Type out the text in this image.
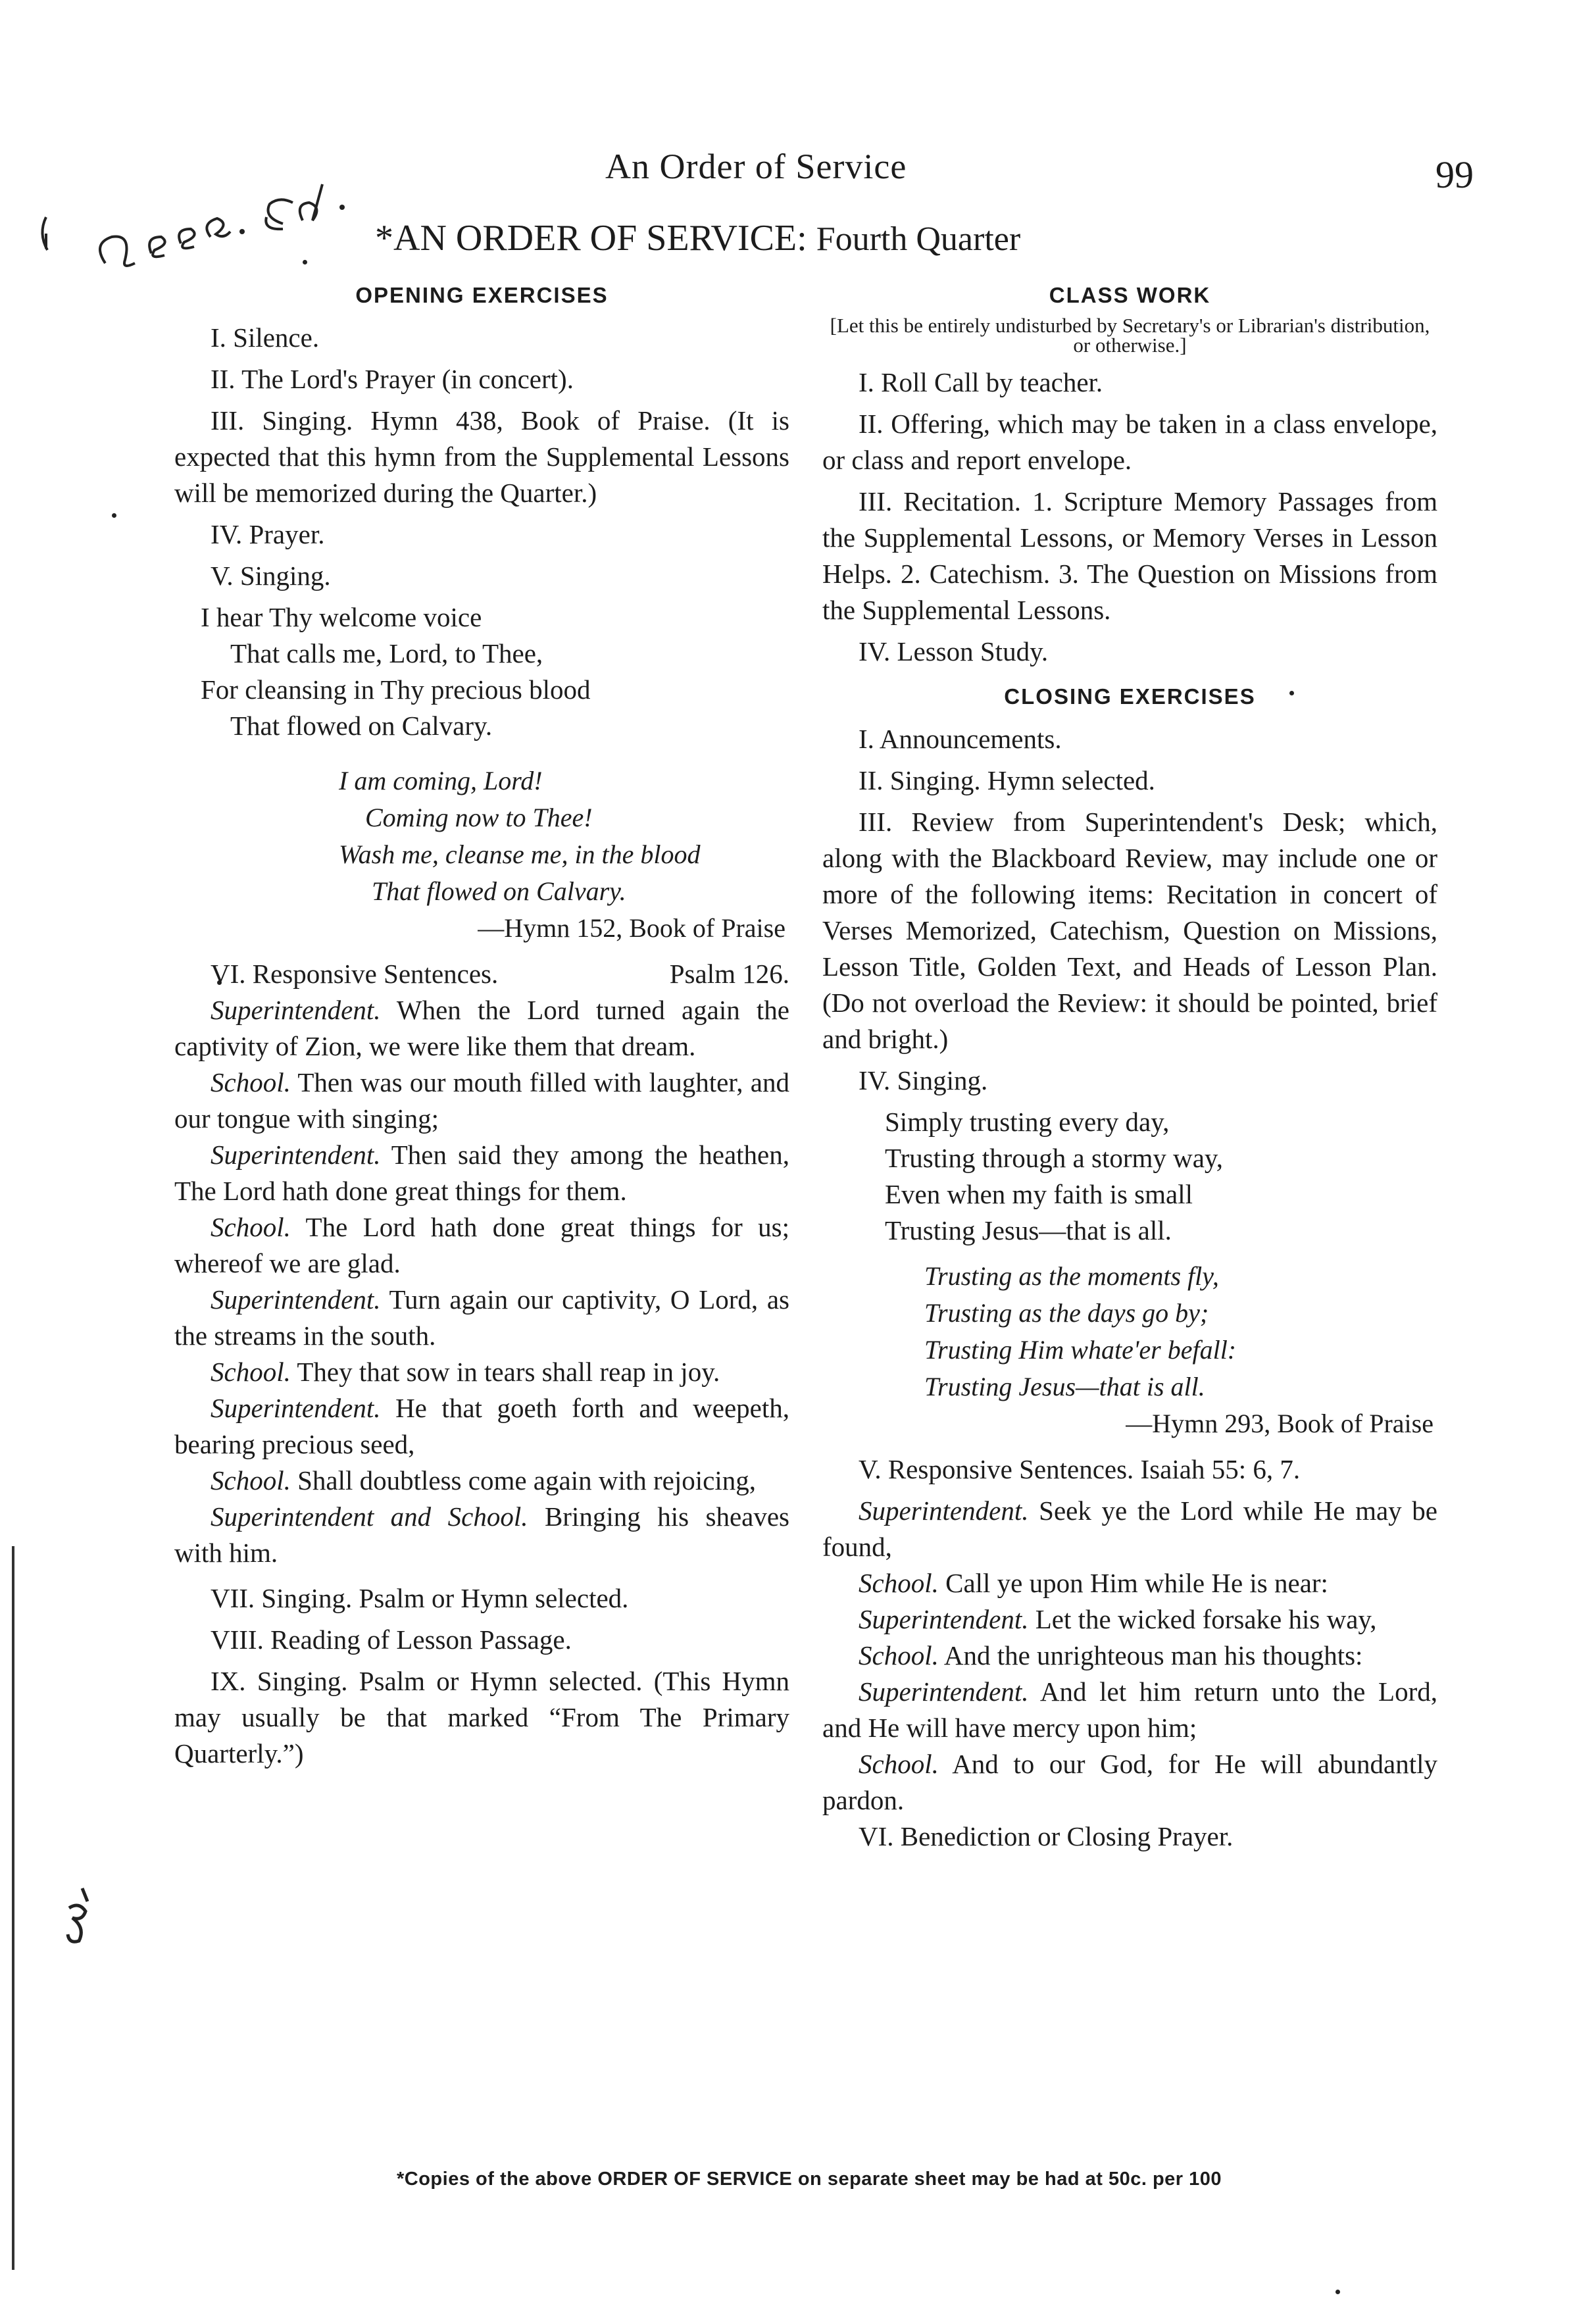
An Order of Service	99
*AN ORDER OF SERVICE: Fourth Quarter
OPENING EXERCISES

I. Silence.

II. The Lord's Prayer (in concert).

III. Singing. Hymn 438, Book of Praise. (It is expected that this hymn from the Supplemental Lessons will be memorized during the Quarter.)

IV. Prayer.

V. Singing.

I hear Thy welcome voice
That calls me, Lord, to Thee,
For cleansing in Thy precious blood
That flowed on Calvary.
I am coming, Lord!
Coming now to Thee!
Wash me, cleanse me, in the blood
That flowed on Calvary.
—Hymn 152, Book of Praise

VI. Responsive Sentences.	Psalm 126.

Superintendent. When the Lord turned again the captivity of Zion, we were like them that dream.

School. Then was our mouth filled with laughter, and our tongue with singing;

Superintendent. Then said they among the heathen, The Lord hath done great things for them.

School. The Lord hath done great things for us; whereof we are glad.

Superintendent. Turn again our captivity, O Lord, as the streams in the south.

School. They that sow in tears shall reap in joy.

Superintendent. He that goeth forth and weepeth, bearing precious seed,

School. Shall doubtless come again with rejoicing,

Superintendent and School. Bringing his sheaves with him.

VII. Singing. Psalm or Hymn selected.

VIII. Reading of Lesson Passage.

IX. Singing. Psalm or Hymn selected. (This Hymn may usually be that marked “From The Primary Quarterly.”)

CLASS WORK

[Let this be entirely undisturbed by Secretary's or Librarian's distribution, or otherwise.]

I. Roll Call by teacher.

II. Offering, which may be taken in a class envelope, or class and report envelope.

III. Recitation. 1. Scripture Memory Passages from the Supplemental Lessons, or Memory Verses in Lesson Helps. 2. Catechism. 3. The Question on Missions from the Supplemental Lessons.

IV. Lesson Study.

CLOSING EXERCISES

I. Announcements.

II. Singing. Hymn selected.

III. Review from Superintendent's Desk; which, along with the Blackboard Review, may include one or more of the following items: Recitation in concert of Verses Memorized, Catechism, Question on Missions, Lesson Title, Golden Text, and Heads of Lesson Plan. (Do not overload the Review: it should be pointed, brief and bright.)

IV. Singing.

Simply trusting every day,
Trusting through a stormy way,
Even when my faith is small
Trusting Jesus—that is all.
Trusting as the moments fly,
Trusting as the days go by;
Trusting Him whate'er befall:
Trusting Jesus—that is all.
—Hymn 293, Book of Praise

V. Responsive Sentences. Isaiah 55: 6, 7.

Superintendent. Seek ye the Lord while He may be found,

School. Call ye upon Him while He is near:

Superintendent. Let the wicked forsake his way,

School. And the unrighteous man his thoughts:

Superintendent. And let him return unto the Lord, and He will have mercy upon him;

School. And to our God, for He will abundantly pardon.

VI. Benediction or Closing Prayer.

*Copies of the above ORDER OF SERVICE on separate sheet may be had at 50c. per 100
